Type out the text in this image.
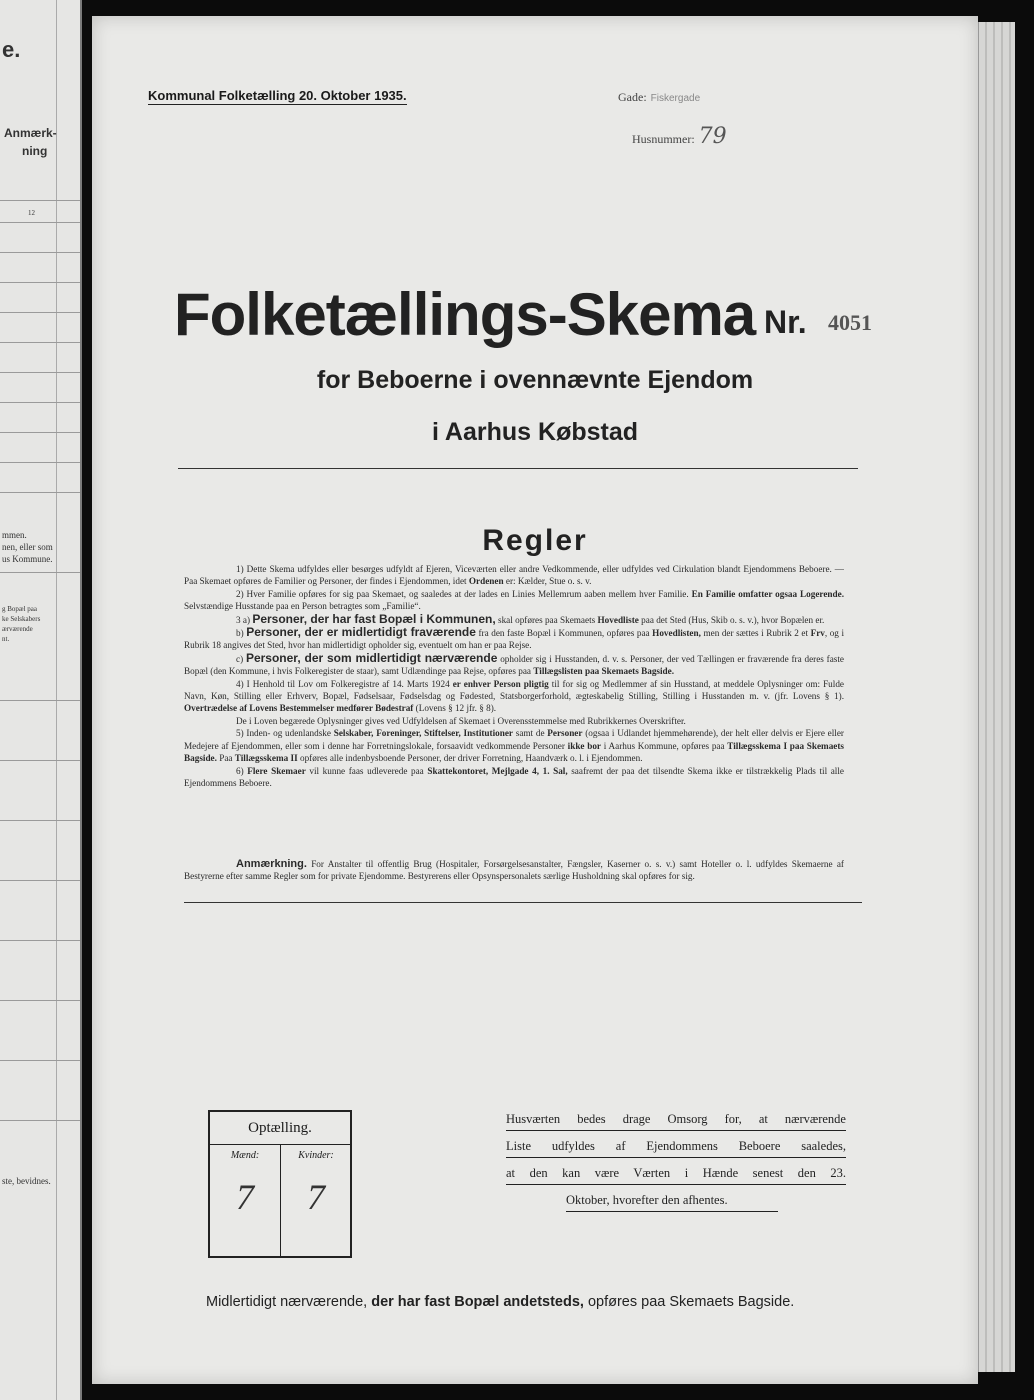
e.
Anmærk-
ning
12
mmen.
nen, eller som
us Kommune.
g Bopæl paa
ke Selskabers
ærværende
nt.
ste, bevidnes.
Kommunal Folketælling 20. Oktober 1935.	Gade: Fiskergade
Husnummer: 79
Folketællings-Skema Nr. 4051
for Beboerne i ovennævnte Ejendom
i Aarhus Købstad
Regler

1) Dette Skema udfyldes eller besørges udfyldt af Ejeren, Viceværten eller andre Vedkommende, eller udfyldes ved Cirkulation blandt Ejendommens Beboere. — Paa Skemaet opføres de Familier og Personer, der findes i Ejendommen, idet Ordenen er: Kælder, Stue o. s. v.

2) Hver Familie opføres for sig paa Skemaet, og saaledes at der lades en Linies Mellemrum aaben mellem hver Familie. En Familie omfatter ogsaa Logerende. Selvstændige Husstande paa en Person betragtes som „Familie“.

3 a) Personer, der har fast Bopæl i Kommunen, skal opføres paa Skemaets Hovedliste paa det Sted (Hus, Skib o. s. v.), hvor Bopælen er.

b) Personer, der er midlertidigt fraværende fra den faste Bopæl i Kommunen, opføres paa Hovedlisten, men der sættes i Rubrik 2 et Frv, og i Rubrik 18 angives det Sted, hvor han midlertidigt opholder sig, eventuelt om han er paa Rejse.

c) Personer, der som midlertidigt nærværende opholder sig i Husstanden, d. v. s. Personer, der ved Tællingen er fraværende fra deres faste Bopæl (den Kommune, i hvis Folkeregister de staar), samt Udlændinge paa Rejse, opføres paa Tillægslisten paa Skemaets Bagside.

4) I Henhold til Lov om Folkeregistre af 14. Marts 1924 er enhver Person pligtig til for sig og Medlemmer af sin Husstand, at meddele Oplysninger om: Fulde Navn, Køn, Stilling eller Erhverv, Bopæl, Fødselsaar, Fødselsdag og Fødested, Statsborgerforhold, ægteskabelig Stilling, Stilling i Husstanden m. v. (jfr. Lovens § 1). Overtrædelse af Lovens Bestemmelser medfører Bødestraf (Lovens § 12 jfr. § 8).

De i Loven begærede Oplysninger gives ved Udfyldelsen af Skemaet i Overensstemmelse med Rubrikkernes Overskrifter.

5) Inden- og udenlandske Selskaber, Foreninger, Stiftelser, Institutioner samt de Personer (ogsaa i Udlandet hjemmehørende), der helt eller delvis er Ejere eller Medejere af Ejendommen, eller som i denne har Forretningslokale, forsaavidt vedkommende Personer ikke bor i Aarhus Kommune, opføres paa Tillægsskema I paa Skemaets Bagside. Paa Tillægsskema II opføres alle indenbysboende Personer, der driver Forretning, Haandværk o. l. i Ejendommen.

6) Flere Skemaer vil kunne faas udleverede paa Skattekontoret, Mejlgade 4, 1. Sal, saafremt der paa det tilsendte Skema ikke er tilstrækkelig Plads til alle Ejendommens Beboere.

Anmærkning. For Anstalter til offentlig Brug (Hospitaler, Forsørgelsesanstalter, Fængsler, Kaserner o. s. v.) samt Hoteller o. l. udfyldes Skemaerne af Bestyrerne efter samme Regler som for private Ejendomme. Bestyrerens eller Opsynspersonalets særlige Husholdning skal opføres for sig.

Optælling.
Mænd:	Kvinder:
7	7
Husværten bedes drage Omsorg for, at nærværende
Liste udfyldes af Ejendommens Beboere saaledes,
at den kan være Værten i Hænde senest den 23.
Oktober, hvorefter den afhentes.
Midlertidigt nærværende, der har fast Bopæl andetsteds, opføres paa Skemaets Bagside.
